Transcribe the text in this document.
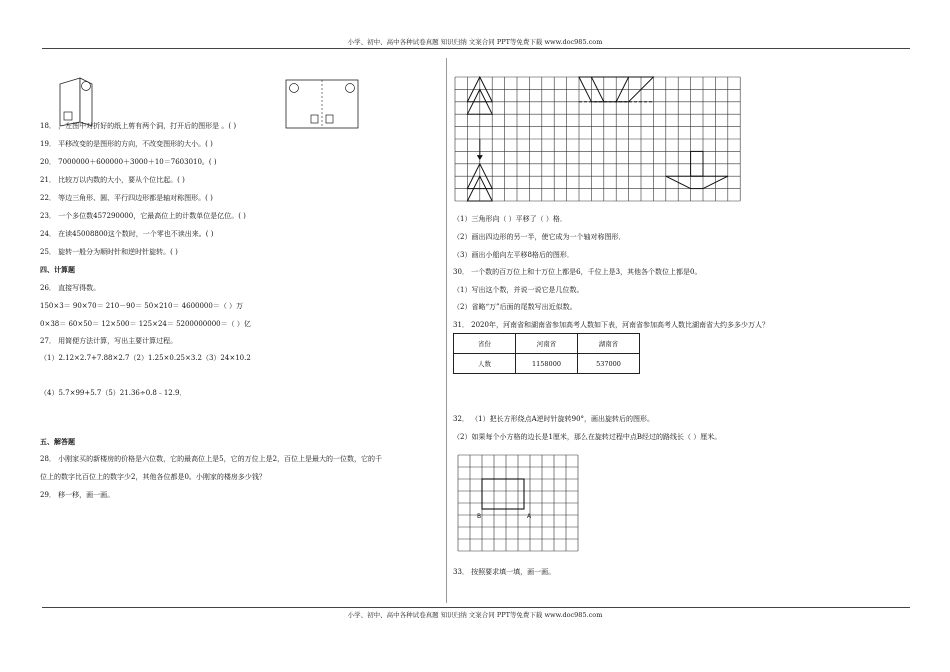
小学、初中、高中各种试卷真题 知识归纳 文案合同 PPT等免费下载 www.doc985.com
18． ，左图中对折好的纸上剪有两个洞，打开后的图形是 。( )
19． 平移改变的是图形的方向，不改变图形的大小。( )
20． 7000000＋600000＋3000＋10＝7603010。( )
21． 比较万以内数的大小，要从个位比起。( )
22． 等边三角形、圆、平行四边形都是轴对称图形。( )
23． 一个多位数457290000，它最高位上的计数单位是亿位。( )
24． 在读45008800这个数时，一个零也不读出来。( )
25． 旋转一般分为顺时针和逆时针旋转。( )
四、计算题
26． 直接写得数。
150×3＝ 90×70＝ 210－90＝ 50×210＝ 4600000＝（ ）万
0×38＝ 60×50＝ 12×500＝ 125×24＝ 5200000000＝（ ）亿
27． 用简便方法计算，写出主要计算过程。
（1）2.12×2.7+7.88×2.7（2）1.25×0.25×3.2（3）24×10.2
（4）5.7×99+5.7（5）21.36÷0.8﹣12.9．
五、解答题
28． 小刚家买的新楼房的价格是六位数，它的最高位上是5，它的万位上是2，百位上是最大的一位数，它的千
位上的数字比百位上的数字少2，其他各位都是0。小刚家的楼房多少钱？
29． 移一移，画一画。
（1）三角形向（ ）平移了（ ）格．
（2）画出四边形的另一半，使它成为一个轴对称图形．
（3）画出小船向左平移8格后的图形．
30． 一个数的百万位上和十万位上都是6，千位上是3，其他各个数位上都是0。
（1）写出这个数，并说一说它是几位数。
（2）省略“万”后面的尾数写出近似数。
31． 2020年，河南省和湖南省参加高考人数如下表，河南省参加高考人数比湖南省大约多多少万人？
省份	河南省	湖南省
人数	1158000	537000
32． （1）把长方形绕点A逆时针旋转90°，画出旋转后的图形。
（2）如果每个小方格的边长是1厘米，那么在旋转过程中点B经过的路线长（ ）厘米。
B	A
33． 按照要求填一填，画一画。
小学、初中、高中各种试卷真题 知识归纳 文案合同 PPT等免费下载 www.doc985.com
